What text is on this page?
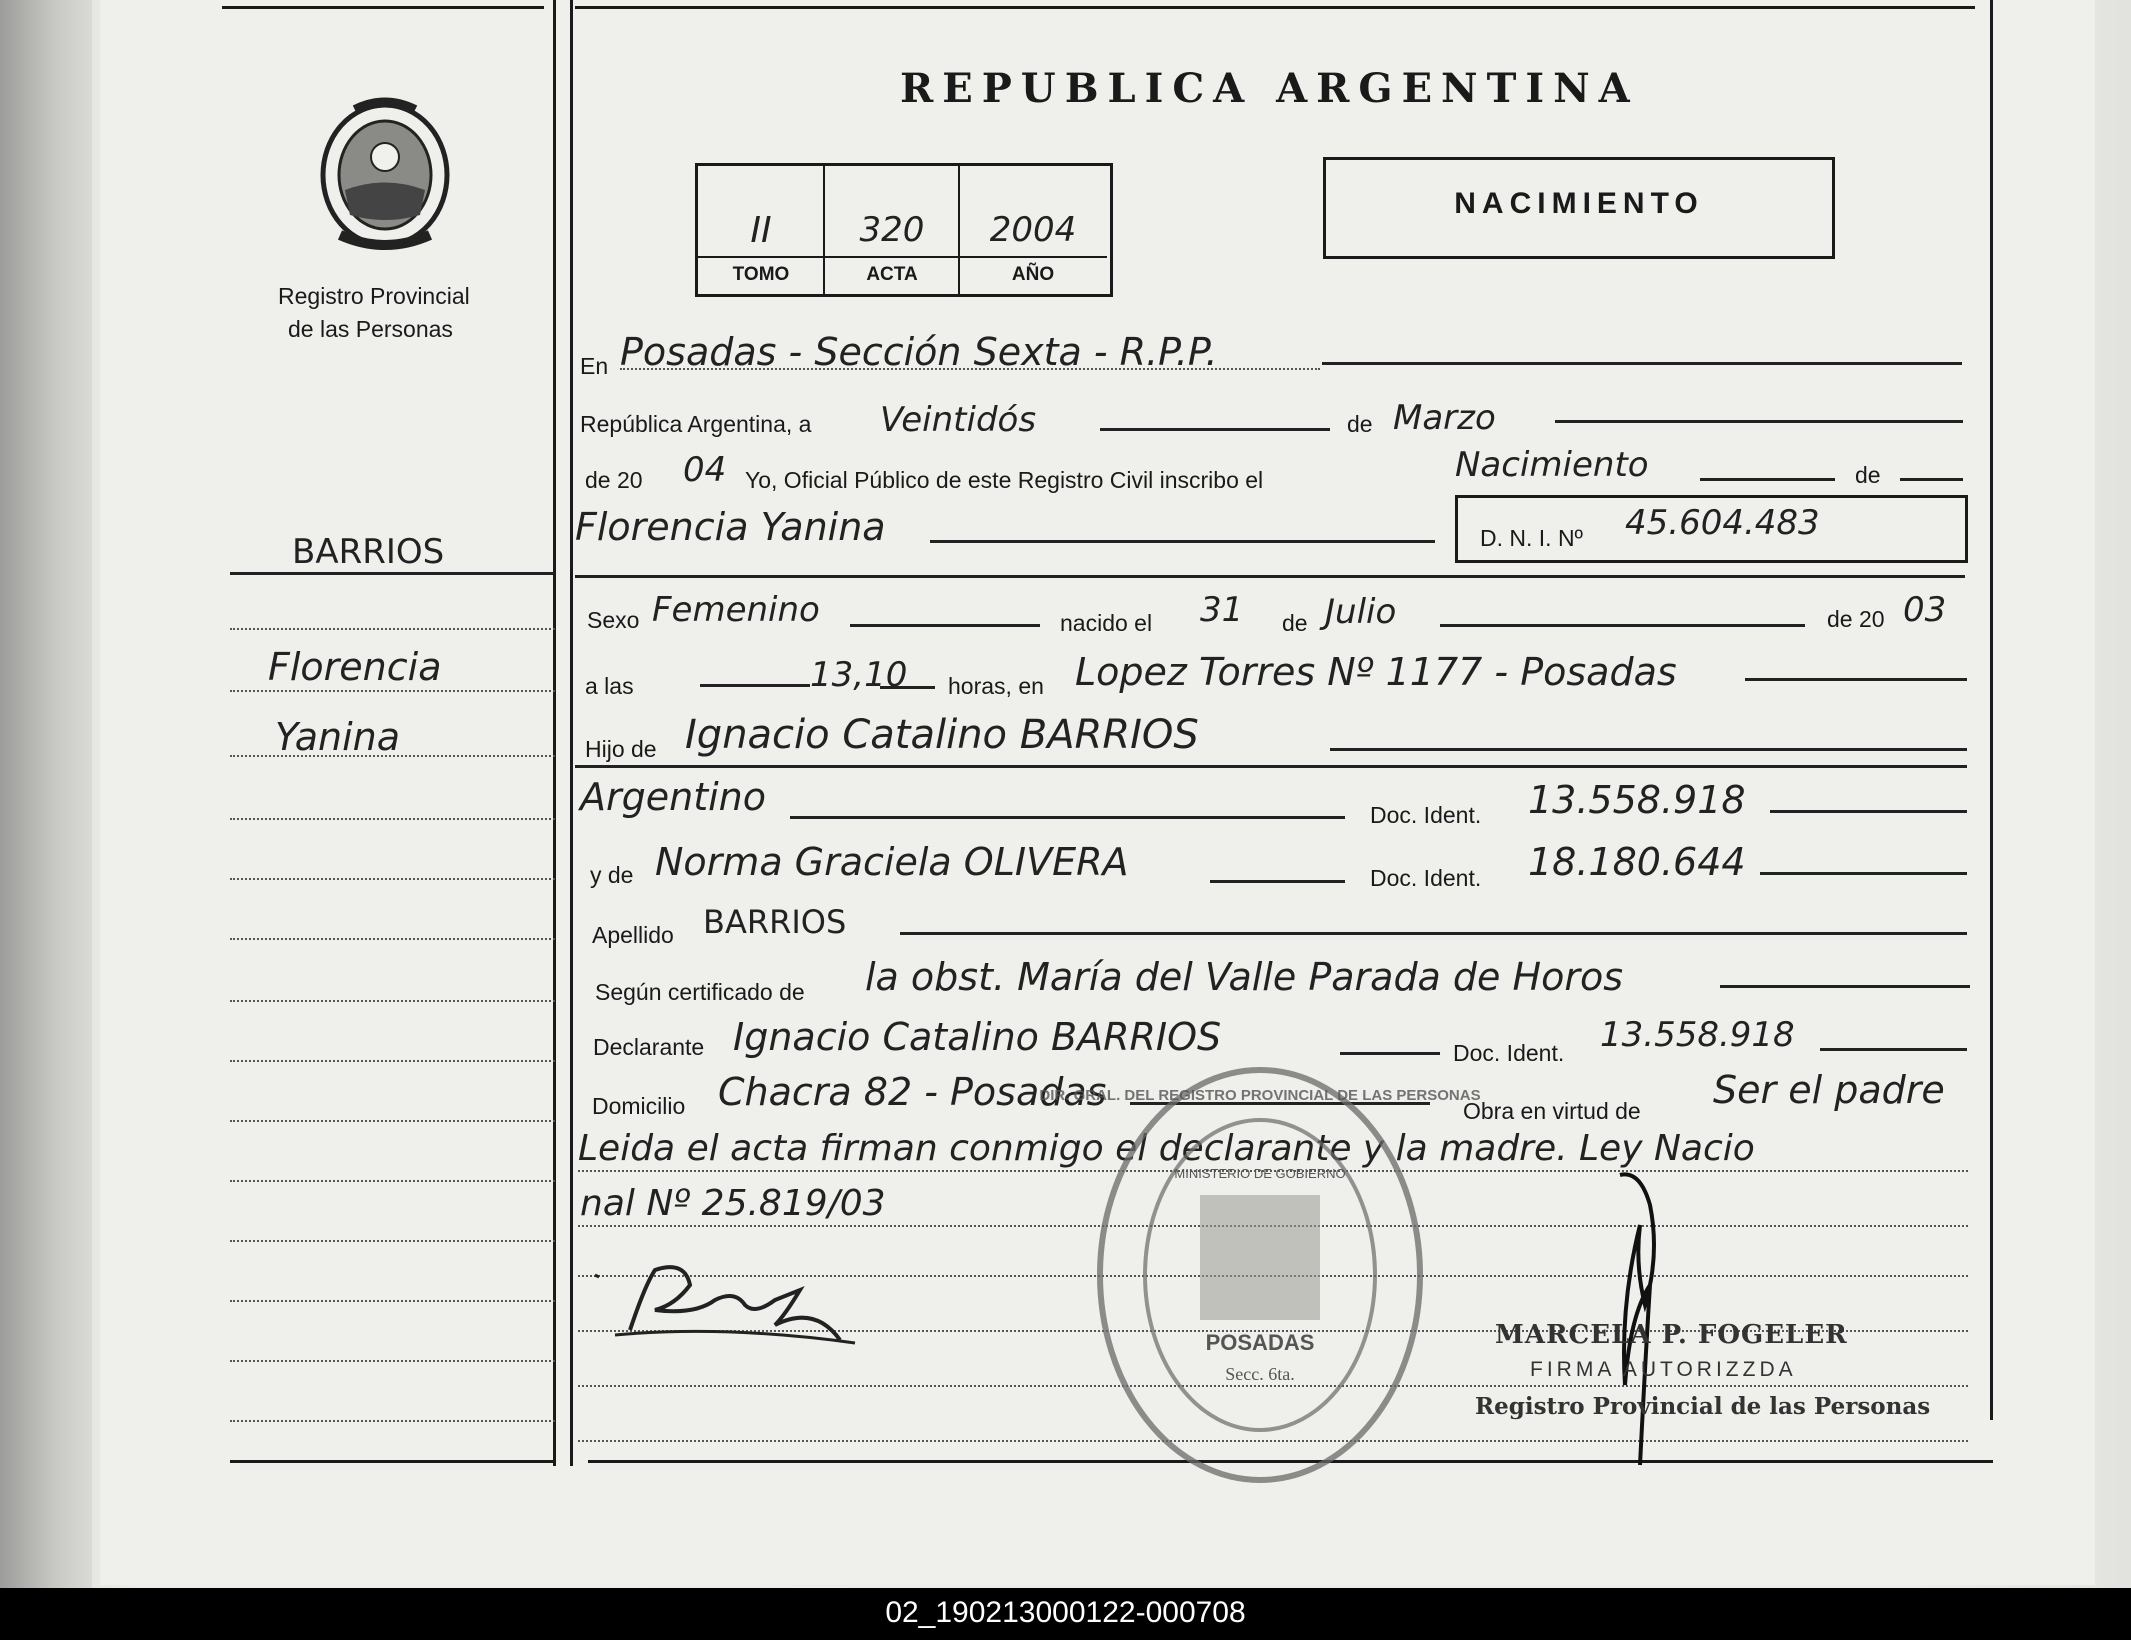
Registro Provincial
de las Personas
REPUBLICA ARGENTINA
II	320	2004
TOMO	ACTA	AÑO
NACIMIENTO
BARRIOS
Florencia
Yanina
En Posadas - Sección Sexta - R.P.P.
República Argentina, a Veintidós	de Marzo
de 20 04 Yo, Oficial Público de este Registro Civil inscribo el	Nacimiento	de
Florencia Yanina	D. N. I. Nº 45.604.483
Sexo Femenino	nacido el 31 de Julio	de 20 03
a las	13,10 horas, en Lopez Torres Nº 1177 - Posadas
Hijo de Ignacio Catalino BARRIOS
Argentino	Doc. Ident. 13.558.918
y de Norma Graciela OLIVERA	Doc. Ident. 18.180.644
Apellido BARRIOS
Según certificado de la obst. María del Valle Parada de Horos
Declarante Ignacio Catalino BARRIOS	Doc. Ident. 13.558.918
Domicilio Chacra 82 - Posadas	Obra en virtud de Ser el padre
Leida el acta firman conmigo el declarante y la madre. Ley Nacio
nal Nº 25.819/03
POSADAS
Secc. 6ta.
MINISTERIO DE GOBIERNO
DIR. GRAL. DEL REGISTRO PROVINCIAL DE LAS PERSONAS
MARCELA P. FOGELER
FIRMA AUTORIZZDA
Registro Provincial de las Personas
02_190213000122-000708
